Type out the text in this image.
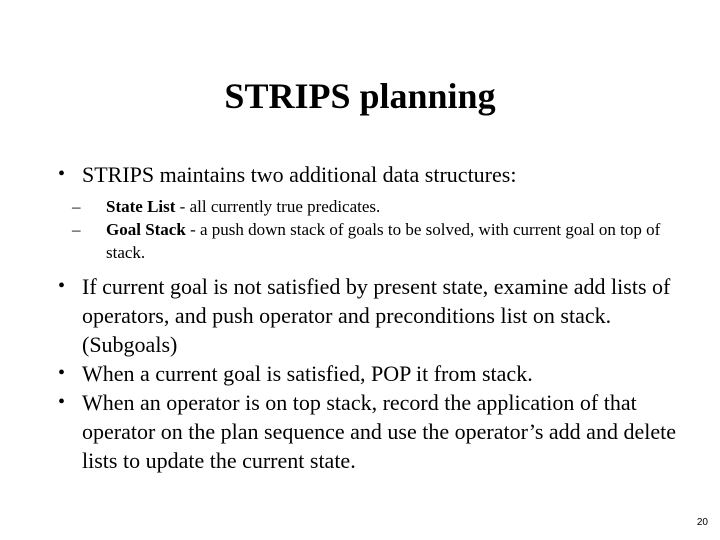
STRIPS planning
• STRIPS maintains two additional data structures:
– State List - all currently true predicates.
– Goal Stack - a push down stack of goals to be solved, with current goal on top of stack.
• If current goal is not satisfied by present state, examine add lists of operators, and push operator and preconditions list on stack. (Subgoals)
• When a current goal is satisfied, POP it from stack.
• When an operator is on top stack, record the application of that operator on the plan sequence and use the operator’s add and delete lists to update the current state.
20
